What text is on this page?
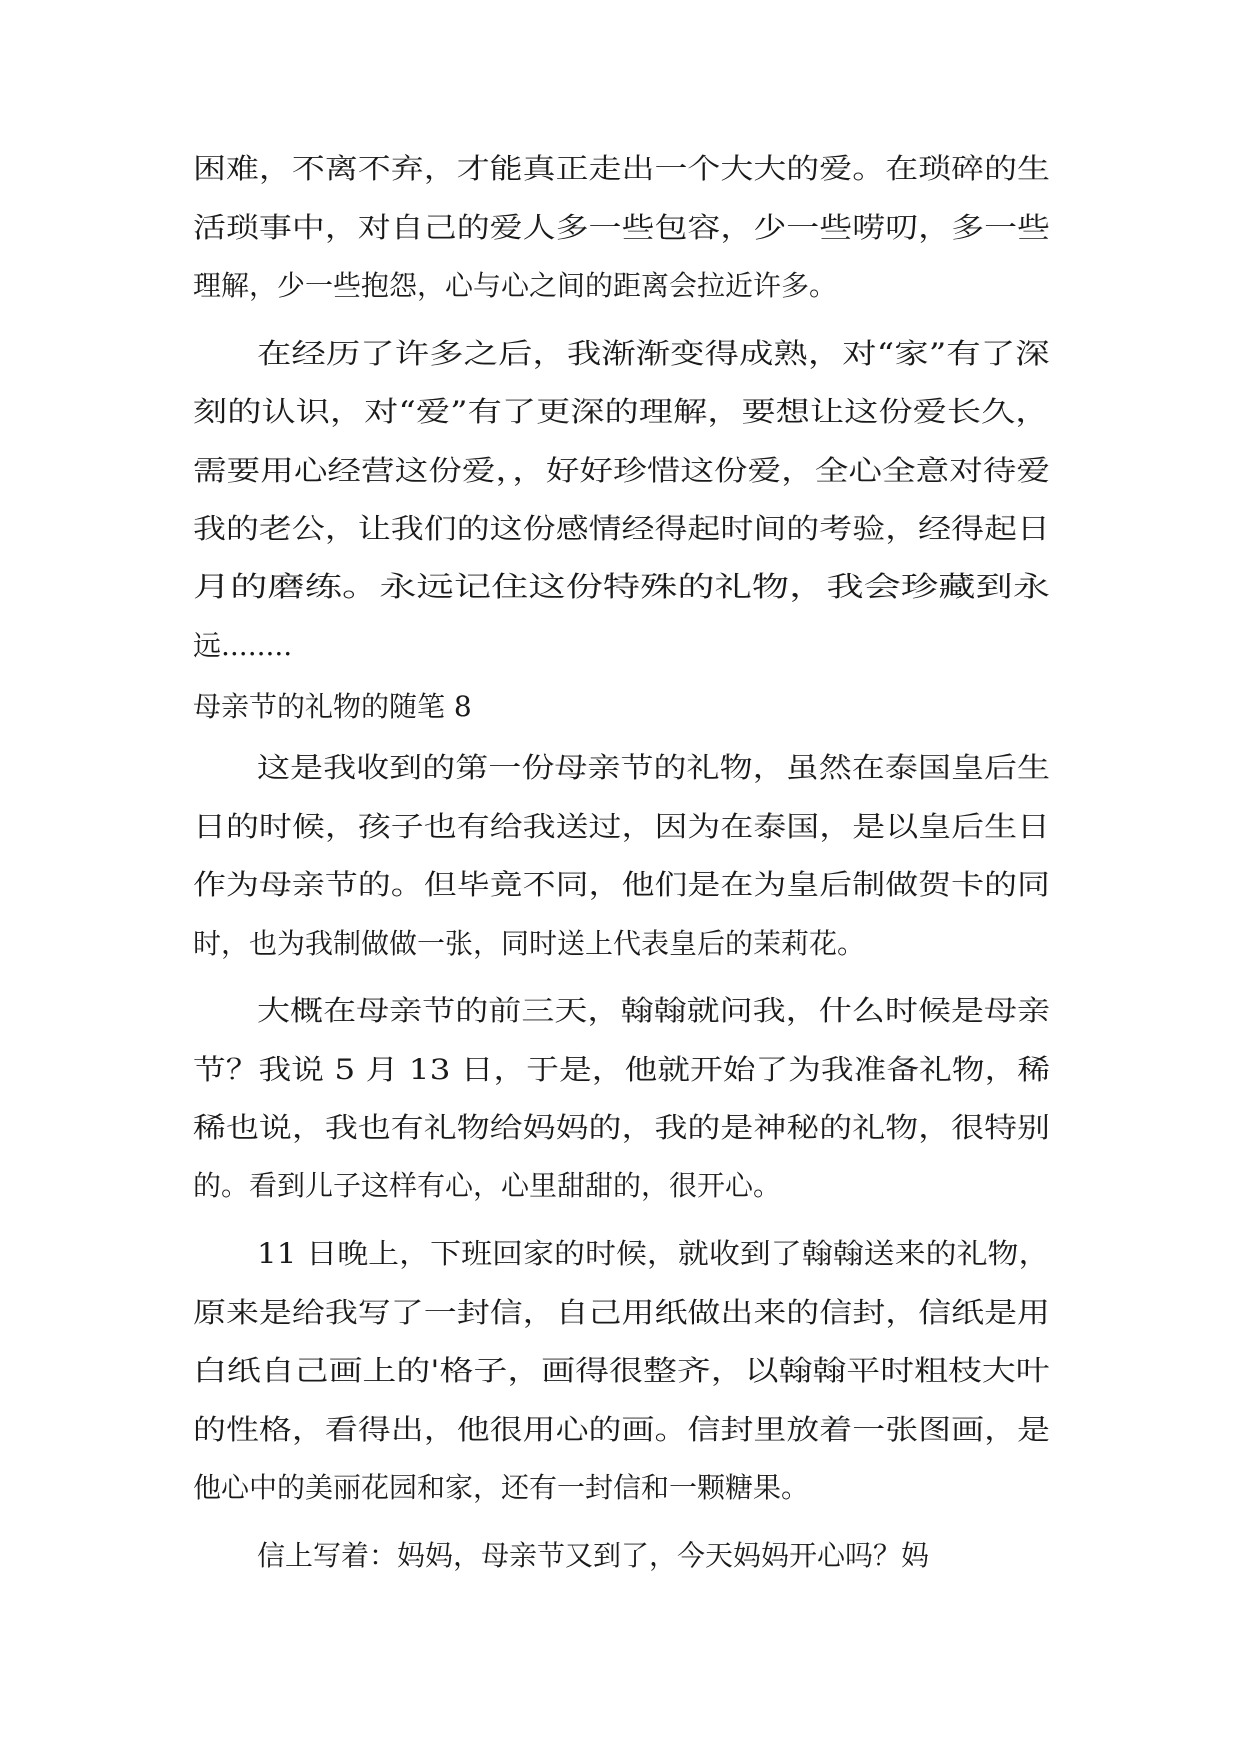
困难，不离不弃，才能真正走出一个大大的爱。在琐碎的生
活琐事中，对自己的爱人多一些包容，少一些唠叨，多一些
理解，少一些抱怨，心与心之间的距离会拉近许多。
在经历了许多之后，我渐渐变得成熟，对“家”有了深
刻的认识，对“爱”有了更深的理解，要想让这份爱长久，
需要用心经营这份爱，，好好珍惜这份爱，全心全意对待爱
我的老公，让我们的这份感情经得起时间的考验，经得起日
月的磨练。永远记住这份特殊的礼物，我会珍藏到永
远........
母亲节的礼物的随笔 8
这是我收到的第一份母亲节的礼物，虽然在泰国皇后生
日的时候，孩子也有给我送过，因为在泰国，是以皇后生日
作为母亲节的。但毕竟不同，他们是在为皇后制做贺卡的同
时，也为我制做做一张，同时送上代表皇后的茉莉花。
大概在母亲节的前三天，翰翰就问我，什么时候是母亲
节？我说 5 月 13 日，于是，他就开始了为我准备礼物，稀
稀也说，我也有礼物给妈妈的，我的是神秘的礼物，很特别
的。看到儿子这样有心，心里甜甜的，很开心。
11 日晚上，下班回家的时候，就收到了翰翰送来的礼物，
原来是给我写了一封信，自己用纸做出来的信封，信纸是用
白纸自己画上的'格子，画得很整齐，以翰翰平时粗枝大叶
的性格，看得出，他很用心的画。信封里放着一张图画，是
他心中的美丽花园和家，还有一封信和一颗糖果。
信上写着：妈妈，母亲节又到了，今天妈妈开心吗？妈
